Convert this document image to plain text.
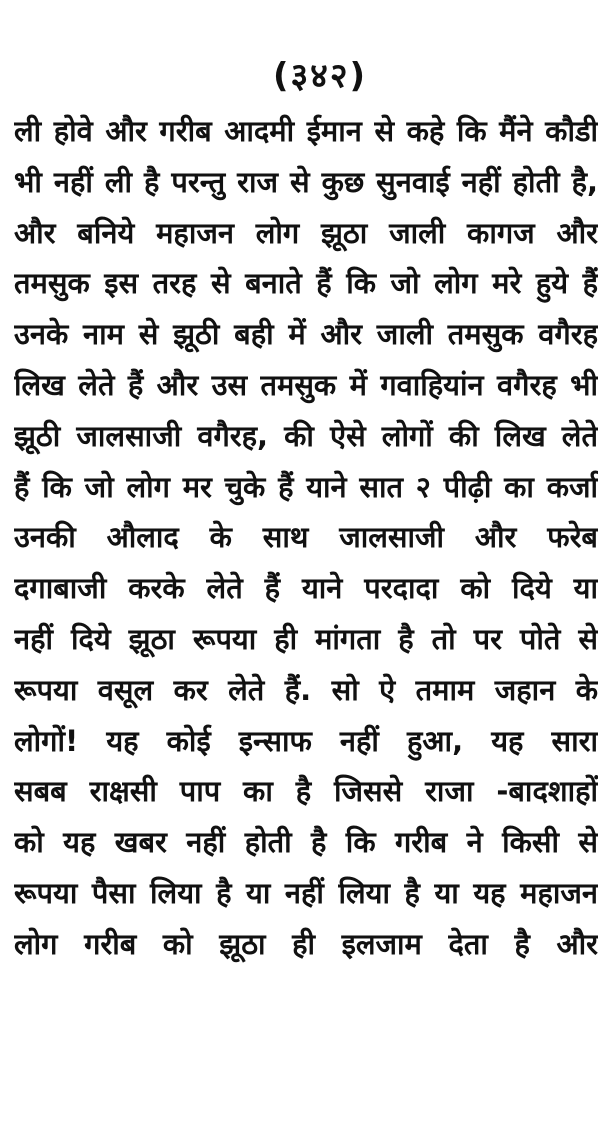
(३४२)
ली होवे और गरीब आदमी ईमान से कहे कि मैंने कौडी
भी नहीं ली है परन्तु राज से कुछ सुनवाई नहीं होती है,
और बनिये महाजन लोग झूठा जाली कागज और
तमसुक इस तरह से बनाते हैं कि जो लोग मरे हुये हैं
उनके नाम से झूठी बही में और जाली तमसुक वगैरह
लिख लेते हैं और उस तमसुक में गवाहियांन वगैरह भी
झूठी जालसाजी वगैरह, की ऐसे लोगों की लिख लेते
हैं कि जो लोग मर चुके हैं याने सात २ पीढ़ी का कर्जा
उनकी औलाद के साथ जालसाजी और फरेब
दगाबाजी करके लेते हैं याने परदादा को दिये या
नहीं दिये झूठा रूपया ही मांगता है तो पर पोते से
रूपया वसूल कर लेते हैं. सो ऐ तमाम जहान के
लोगों! यह कोई इन्साफ नहीं हुआ, यह सारा
सबब राक्षसी पाप का है जिससे राजा -बादशाहों
को यह खबर नहीं होती है कि गरीब ने किसी से
रूपया पैसा लिया है या नहीं लिया है या यह महाजन
लोग गरीब को झूठा ही इलजाम देता है और
